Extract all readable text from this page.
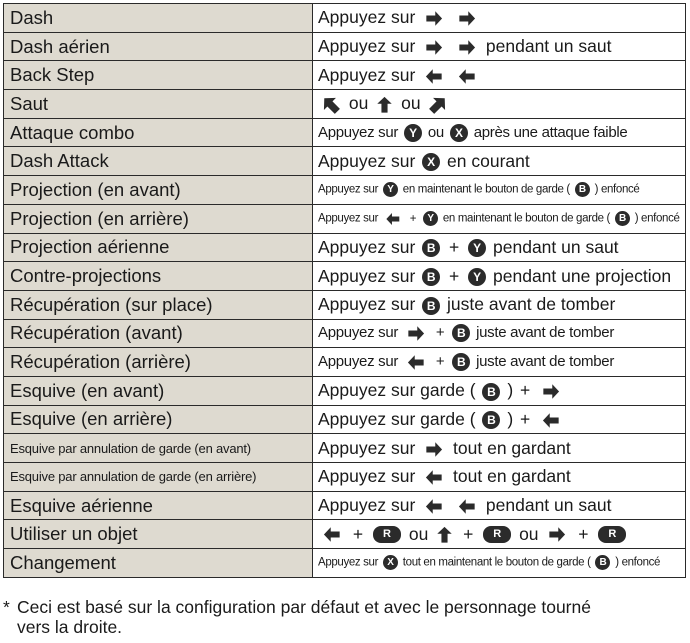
Dash	Appuyez sur
Dash aérien	Appuyez sur pendant un saut
Back Step	Appuyez sur
Saut	ou ou
Attaque combo	Appuyez sur Y ou X après une attaque faible
Dash Attack	Appuyez sur X en courant
Projection (en avant)	Appuyez sur Y en maintenant le bouton de garde ( B ) enfoncé
Projection (en arrière)	Appuyez sur + Y en maintenant le bouton de garde ( B ) enfoncé
Projection aérienne	Appuyez sur B + Y pendant un saut
Contre-projections	Appuyez sur B + Y pendant une projection
Récupération (sur place)	Appuyez sur B juste avant de tomber
Récupération (avant)	Appuyez sur + B juste avant de tomber
Récupération (arrière)	Appuyez sur + B juste avant de tomber
Esquive (en avant)	Appuyez sur garde ( B ) +
Esquive (en arrière)	Appuyez sur garde ( B ) +
Esquive par annulation de garde (en avant)	Appuyez sur tout en gardant
Esquive par annulation de garde (en arrière)	Appuyez sur tout en gardant
Esquive aérienne	Appuyez sur pendant un saut
Utiliser un objet	+ R ou + R ou + R
Changement	Appuyez sur X tout en maintenant le bouton de garde ( B ) enfoncé
* Ceci est basé sur la configuration par défaut et avec le personnage tourné
vers la droite.
